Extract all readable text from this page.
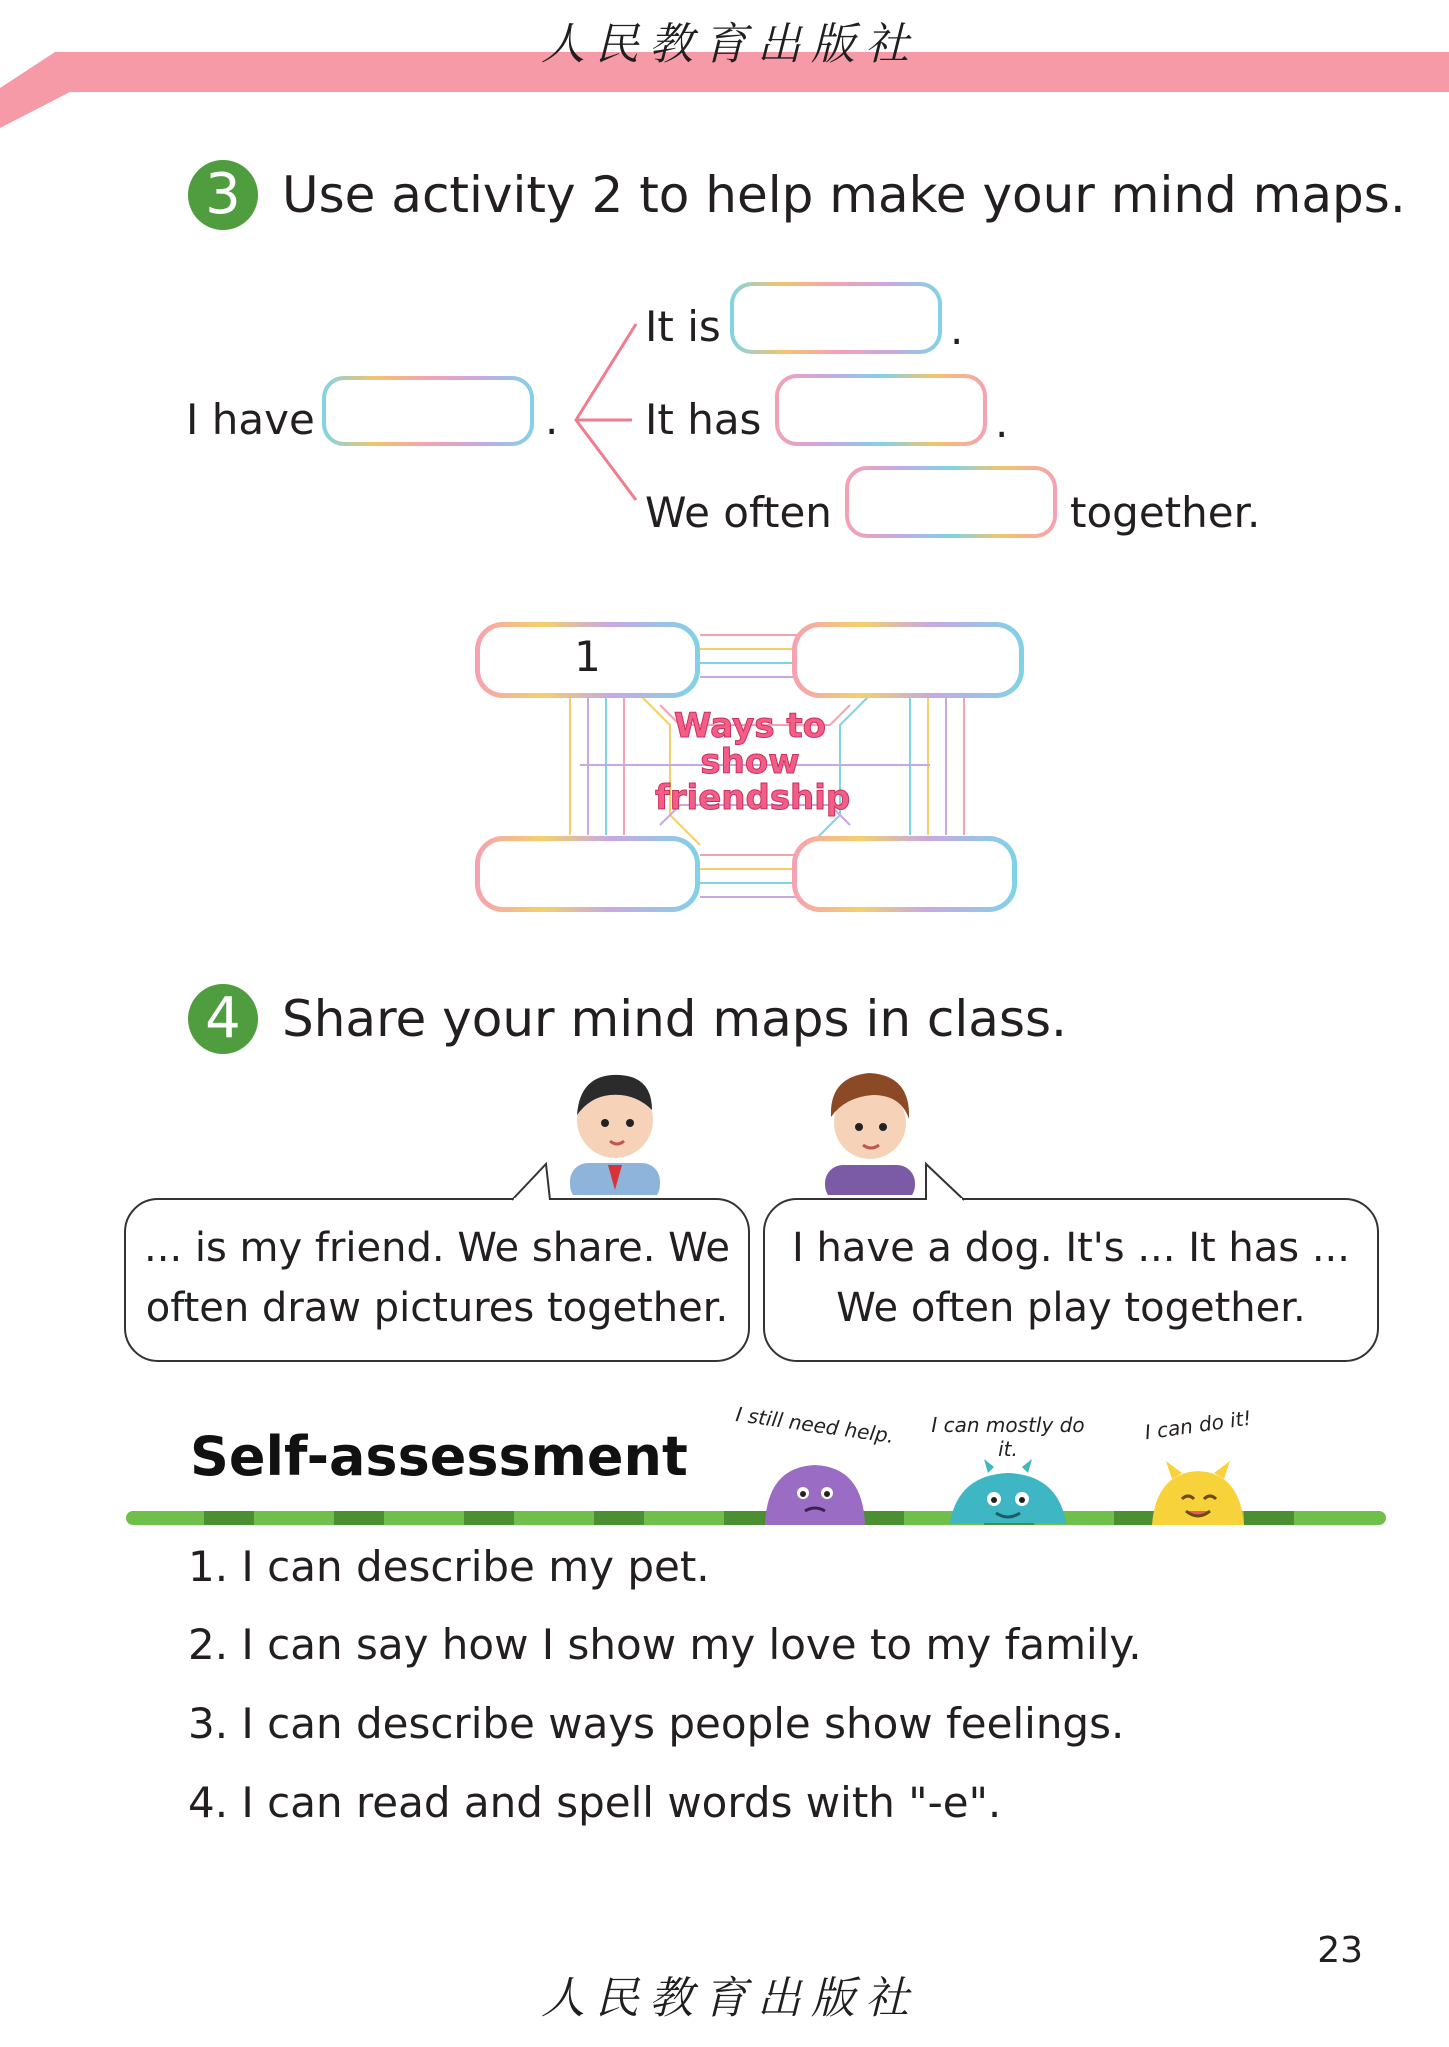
人民教育出版社
3 Use activity 2 to help make your mind maps.
I have	.
It is	.
It has	.
We often	together.
1
Ways to
show
friendship
4 Share your mind maps in class.
... is my friend. We share. We often draw pictures together.
I have a dog. It's ... It has ... We often play together.
Self-assessment
I still need help. I can mostly do it.
I can do it!
1. I can describe my pet.
2. I can say how I show my love to my family.
3. I can describe ways people show feelings.
4. I can read and spell words with "-e".
人民教育出版社
23
